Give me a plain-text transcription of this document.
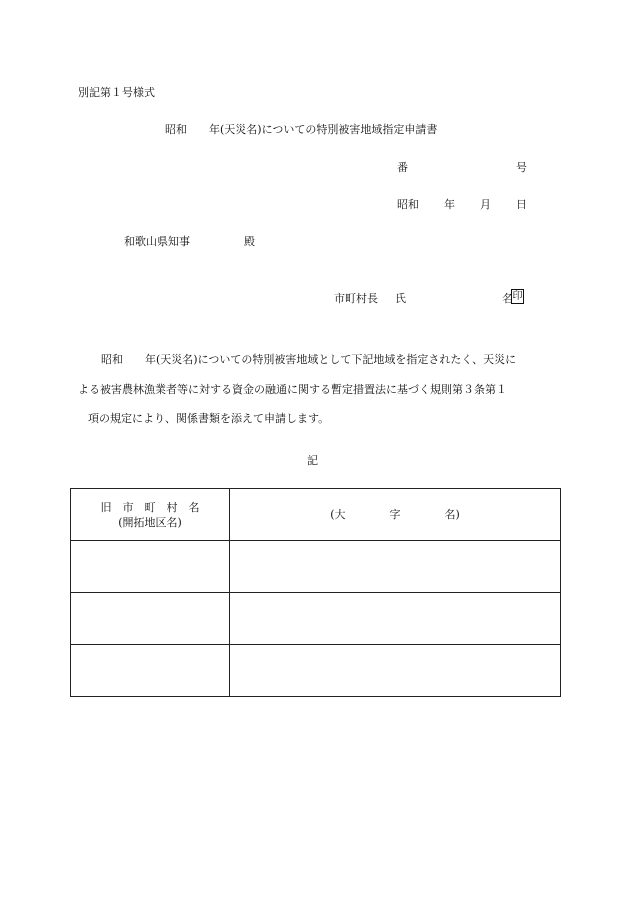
別記第１号様式
昭和　　年(天災名)についての特別被害地域指定申請書
番	号
昭和 年 月 日
和歌山県知事	殿
市町村長 氏	名 印
昭和　　年(天災名)についての特別被害地域として下記地域を指定されたく、天災に
よる被害農林漁業者等に対する資金の融通に関する暫定措置法に基づく規則第３条第１
項の規定により、関係書類を添えて申請します。
記
旧　市　町　村　名
(開拓地区名)	(大　　　　字　　　　名)
